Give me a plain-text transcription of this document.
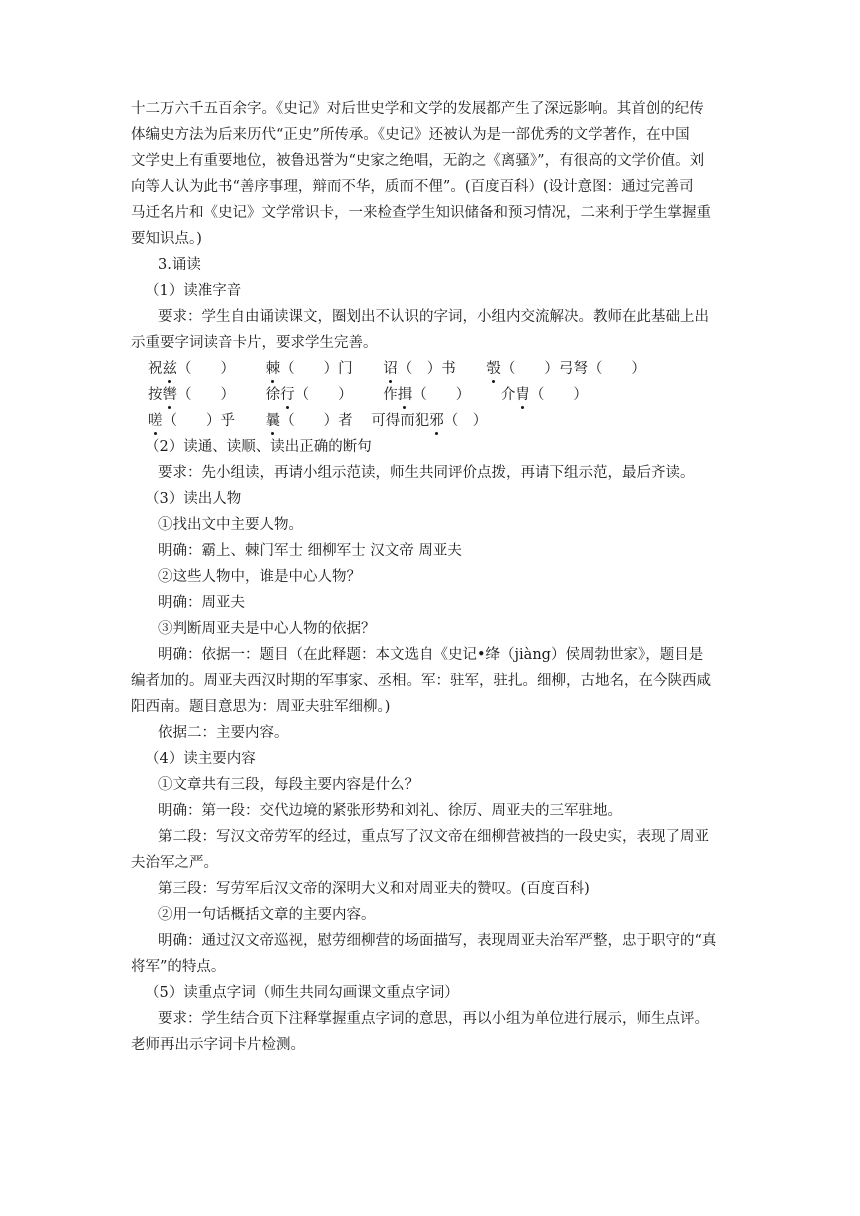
十二万六千五百余字。《史记》对后世史学和文学的发展都产生了深远影响。其首创的纪传
体编史方法为后来历代“正史”所传承。《史记》还被认为是一部优秀的文学著作，在中国
文学史上有重要地位，被鲁迅誉为“史家之绝唱，无韵之《离骚》”，有很高的文学价值。刘
向等人认为此书“善序事理，辩而不华，质而不俚”。(百度百科）(设计意图：通过完善司
马迁名片和《史记》文学常识卡，一来检查学生知识储备和预习情况，二来利于学生掌握重
要知识点。)
3.诵读
（1）读准字音
要求：学生自由诵读课文，圈划出不认识的字词，小组内交流解决。教师在此基础上出
示重要字词读音卡片，要求学生完善。
祝兹（　　 ） 棘（　　 ）门 诏（　 ）书 彀（　　 ）弓弩（　　）
按辔（　　 ） 徐行（　　 ） 作揖（　　 ） 介胄（　　 ）
嗟（　　 ）乎 曩（　　 ）者 可得而犯邪（　 ）
（2）读通、读顺、读出正确的断句
要求：先小组读，再请小组示范读，师生共同评价点拨，再请下组示范，最后齐读。
（3）读出人物
①找出文中主要人物。
明确：霸上、棘门军士 细柳军士 汉文帝 周亚夫
②这些人物中，谁是中心人物？
明确：周亚夫
③判断周亚夫是中心人物的依据？
明确：依据一：题目（在此释题：本文选自《史记•绛（jiàng）侯周勃世家》，题目是
编者加的。周亚夫西汉时期的军事家、丞相。军：驻军，驻扎。细柳，古地名，在今陕西咸
阳西南。题目意思为：周亚夫驻军细柳。)
依据二：主要内容。
（4）读主要内容
①文章共有三段，每段主要内容是什么？
明确：第一段：交代边境的紧张形势和刘礼、徐厉、周亚夫的三军驻地。
第二段：写汉文帝劳军的经过，重点写了汉文帝在细柳营被挡的一段史实，表现了周亚
夫治军之严。
第三段：写劳军后汉文帝的深明大义和对周亚夫的赞叹。(百度百科)
②用一句话概括文章的主要内容。
明确：通过汉文帝巡视，慰劳细柳营的场面描写，表现周亚夫治军严整，忠于职守的“真
将军”的特点。
（5）读重点字词（师生共同勾画课文重点字词）
要求：学生结合页下注释掌握重点字词的意思，再以小组为单位进行展示，师生点评。
老师再出示字词卡片检测。
